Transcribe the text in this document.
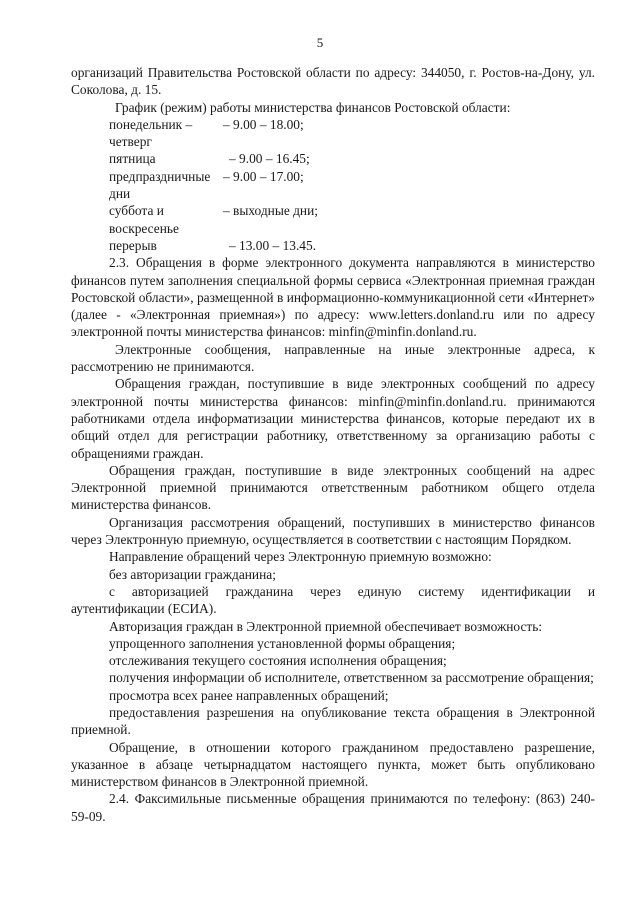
5

организаций Правительства Ростовской области по адресу: 344050, г. Ростов-на-Дону, ул. Соколова, д. 15.

График (режим) работы министерства финансов Ростовской области:

понедельник – четверг
– 9.00 – 18.00;
пятница	– 9.00 – 16.45;
предпраздничные дни
– 9.00 – 17.00;
суббота и воскресенье
– выходные дни;
перерыв	– 13.00 – 13.45.

2.3. Обращения в форме электронного документа направляются в министерство финансов путем заполнения специальной формы сервиса «Электронная приемная граждан Ростовской области», размещенной в информационно-коммуникационной сети «Интернет» (далее - «Электронная приемная») по адресу: www.letters.donland.ru или по адресу электронной почты министерства финансов: minfin@minfin.donland.ru.

Электронные сообщения, направленные на иные электронные адреса, к рассмотрению не принимаются.

Обращения граждан, поступившие в виде электронных сообщений по адресу электронной почты министерства финансов: minfin@minfin.donland.ru. принимаются работниками отдела информатизации министерства финансов, которые передают их в общий отдел для регистрации работнику, ответственному за организацию работы с обращениями граждан.

Обращения граждан, поступившие в виде электронных сообщений на адрес Электронной приемной принимаются ответственным работником общего отдела министерства финансов.

Организация рассмотрения обращений, поступивших в министерство финансов через Электронную приемную, осуществляется в соответствии с настоящим Порядком.

Направление обращений через Электронную приемную возможно:

без авторизации гражданина;

с авторизацией гражданина через единую систему идентификации и аутентификации (ЕСИА).

Авторизация граждан в Электронной приемной обеспечивает возможность:

упрощенного заполнения установленной формы обращения;

отслеживания текущего состояния исполнения обращения;

получения информации об исполнителе, ответственном за рассмотрение обращения;

просмотра всех ранее направленных обращений;

предоставления разрешения на опубликование текста обращения в Электронной приемной.

Обращение, в отношении которого гражданином предоставлено разрешение, указанное в абзаце четырнадцатом настоящего пункта, может быть опубликовано министерством финансов в Электронной приемной.

2.4. Факсимильные письменные обращения принимаются по телефону: (863) 240-59-09.
